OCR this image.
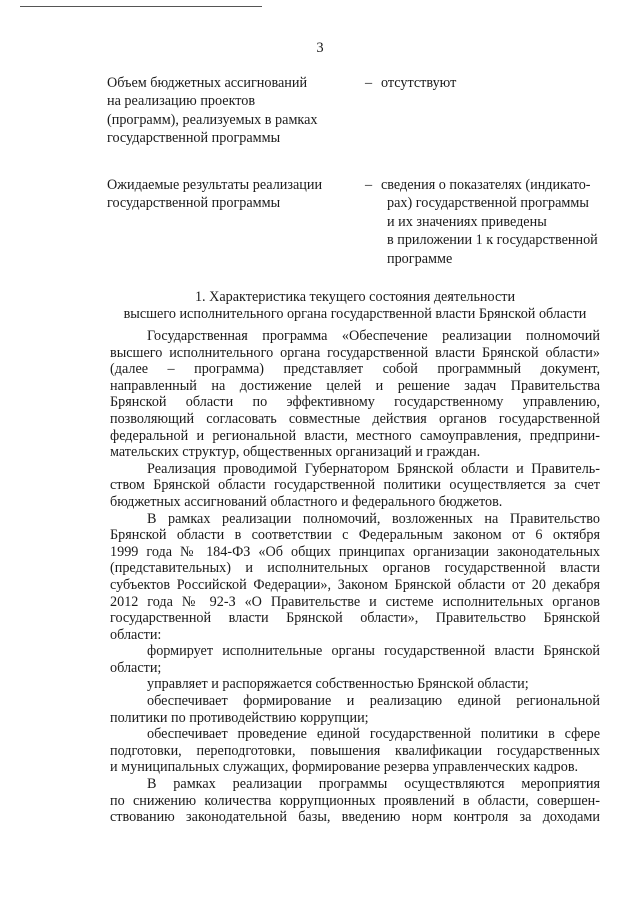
3
Объем бюджетных ассигнований
на реализацию проектов
(программ), реализуемых в рамках
государственной программы
– отсутствуют
Ожидаемые результаты реализации
государственной программы
– сведения о показателях (индикато-
рах) государственной программы
и их значениях приведены
в приложении 1 к государственной
программе
1. Характеристика текущего состояния деятельности
высшего исполнительного органа государственной власти Брянской области
Государственная программа «Обеспечение реализации полномочий
высшего исполнительного органа государственной власти Брянской области»
(далее – программа) представляет собой программный документ,
направленный на достижение целей и решение задач Правительства
Брянской области по эффективному государственному управлению,
позволяющий согласовать совместные действия органов государственной
федеральной и региональной власти, местного самоуправления, предприни-
мательских структур, общественных организаций и граждан.
Реализация проводимой Губернатором Брянской области и Правитель-
ством Брянской области государственной политики осуществляется за счет
бюджетных ассигнований областного и федерального бюджетов.
В рамках реализации полномочий, возложенных на Правительство
Брянской области в соответствии с Федеральным законом от 6 октября
1999 года № 184-ФЗ «Об общих принципах организации законодательных
(представительных) и исполнительных органов государственной власти
субъектов Российской Федерации», Законом Брянской области от 20 декабря
2012 года № 92-З «О Правительстве и системе исполнительных органов
государственной власти Брянской области», Правительство Брянской
области:
формирует исполнительные органы государственной власти Брянской
области;
управляет и распоряжается собственностью Брянской области;
обеспечивает формирование и реализацию единой региональной
политики по противодействию коррупции;
обеспечивает проведение единой государственной политики в сфере
подготовки, переподготовки, повышения квалификации государственных
и муниципальных служащих, формирование резерва управленческих кадров.
В рамках реализации программы осуществляются мероприятия
по снижению количества коррупционных проявлений в области, совершен-
ствованию законодательной базы, введению норм контроля за доходами
